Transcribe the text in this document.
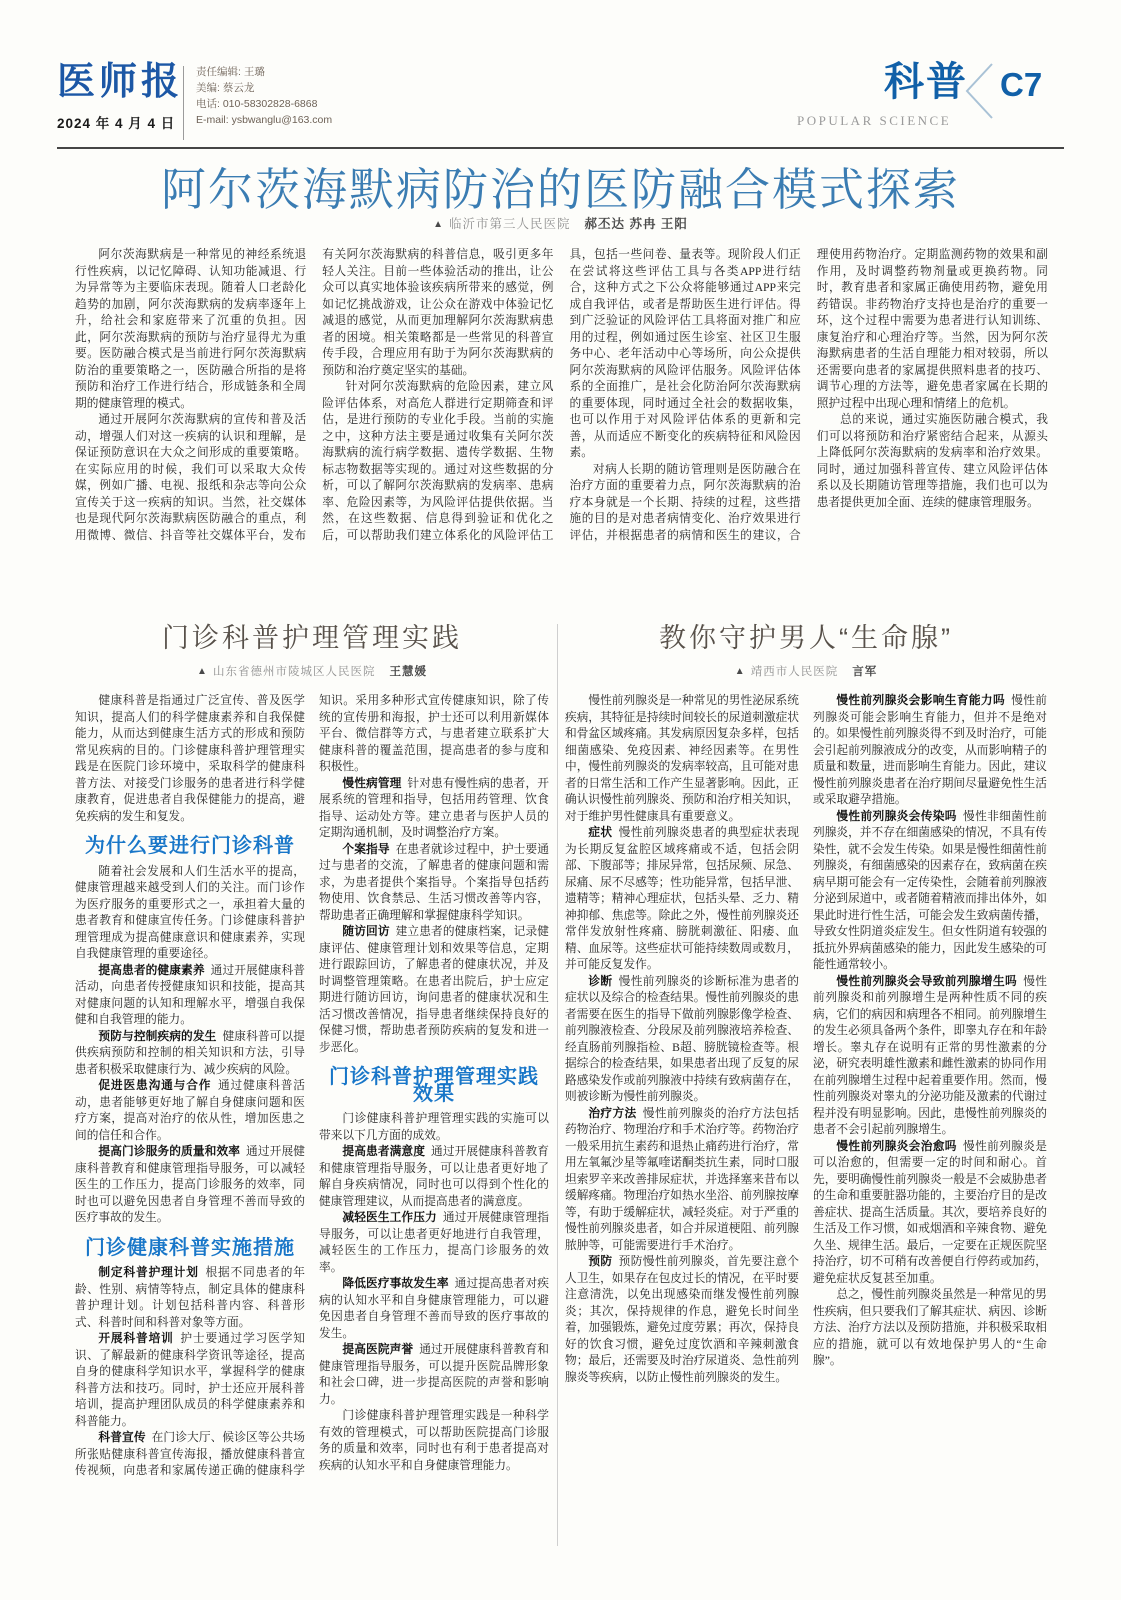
医师报
2024 年 4 月 4 日
责任编辑: 王璐
美编: 蔡云龙
电话: 010-58302828-6868
E-mail: ysbwanglu@163.com
科普
POPULAR SCIENCE
C7
阿尔茨海默病防治的医防融合模式探索
▲ 临沂市第三人民医院 郝丕达 苏冉 王阳

阿尔茨海默病是一种常见的神经系统退行性疾病，以记忆障碍、认知功能减退、行为异常等为主要临床表现。随着人口老龄化趋势的加剧，阿尔茨海默病的发病率逐年上升，给社会和家庭带来了沉重的负担。因此，阿尔茨海默病的预防与治疗显得尤为重要。医防融合模式是当前进行阿尔茨海默病防治的重要策略之一，医防融合所指的是将预防和治疗工作进行结合，形成链条和全周期的健康管理的模式。

通过开展阿尔茨海默病的宣传和普及活动，增强人们对这一疾病的认识和理解，是保证预防意识在大众之间形成的重要策略。在实际应用的时候，我们可以采取大众传媒，例如广播、电视、报纸和杂志等向公众宣传关于这一疾病的知识。当然，社交媒体也是现代阿尔茨海默病医防融合的重点，利用微博、微信、抖音等社交媒体平台，发布有关阿尔茨海默病的科普信息，吸引更多年轻人关注。目前一些体验活动的推出，让公众可以真实地体验该疾病所带来的感觉，例如记忆挑战游戏，让公众在游戏中体验记忆减退的感觉，从而更加理解阿尔茨海默病患者的困境。相关策略都是一些常见的科普宣传手段，合理应用有助于为阿尔茨海默病的预防和治疗奠定坚实的基础。

针对阿尔茨海默病的危险因素，建立风险评估体系，对高危人群进行定期筛查和评估，是进行预防的专业化手段。当前的实施之中，这种方法主要是通过收集有关阿尔茨海默病的流行病学数据、遗传学数据、生物标志物数据等实现的。通过对这些数据的分析，可以了解阿尔茨海默病的发病率、患病率、危险因素等，为风险评估提供依据。当然，在这些数据、信息得到验证和优化之后，可以帮助我们建立体系化的风险评估工具，包括一些问卷、量表等。现阶段人们正在尝试将这些评估工具与各类APP进行结合，这种方式之下公众将能够通过APP来完成自我评估，或者是帮助医生进行评估。得到广泛验证的风险评估工具将面对推广和应用的过程，例如通过医生诊室、社区卫生服务中心、老年活动中心等场所，向公众提供阿尔茨海默病的风险评估服务。风险评估体系的全面推广，是社会化防治阿尔茨海默病的重要体现，同时通过全社会的数据收集，也可以作用于对风险评估体系的更新和完善，从而适应不断变化的疾病特征和风险因素。

对病人长期的随访管理则是医防融合在治疗方面的重要着力点，阿尔茨海默病的治疗本身就是一个长期、持续的过程，这些措施的目的是对患者病情变化、治疗效果进行评估，并根据患者的病情和医生的建议，合理使用药物治疗。定期监测药物的效果和副作用，及时调整药物剂量或更换药物。同时，教育患者和家属正确使用药物，避免用药错误。非药物治疗支持也是治疗的重要一环，这个过程中需要为患者进行认知训练、康复治疗和心理治疗等。当然，因为阿尔茨海默病患者的生活自理能力相对较弱，所以还需要向患者的家属提供照料患者的技巧、调节心理的方法等，避免患者家属在长期的照护过程中出现心理和情绪上的危机。

总的来说，通过实施医防融合模式，我们可以将预防和治疗紧密结合起来，从源头上降低阿尔茨海默病的发病率和治疗效果。同时，通过加强科普宣传、建立风险评估体系以及长期随访管理等措施，我们也可以为患者提供更加全面、连续的健康管理服务。

门诊科普护理管理实践
▲ 山东省德州市陵城区人民医院 王慧媛

健康科普是指通过广泛宣传、普及医学知识，提高人们的科学健康素养和自我保健能力，从而达到健康生活方式的形成和预防常见疾病的目的。门诊健康科普护理管理实践是在医院门诊环境中，采取科学的健康科普方法、对接受门诊服务的患者进行科学健康教育，促进患者自我保健能力的提高，避免疾病的发生和复发。

为什么要进行门诊科普

随着社会发展和人们生活水平的提高，健康管理越来越受到人们的关注。而门诊作为医疗服务的重要形式之一，承担着大量的患者教育和健康宣传任务。门诊健康科普护理管理成为提高健康意识和健康素养，实现自我健康管理的重要途径。

提高患者的健康素养 通过开展健康科普活动，向患者传授健康知识和技能，提高其对健康问题的认知和理解水平，增强自我保健和自我管理的能力。

预防与控制疾病的发生 健康科普可以提供疾病预防和控制的相关知识和方法，引导患者积极采取健康行为、减少疾病的风险。

促进医患沟通与合作 通过健康科普活动，患者能够更好地了解自身健康问题和医疗方案，提高对治疗的依从性，增加医患之间的信任和合作。

提高门诊服务的质量和效率 通过开展健康科普教育和健康管理指导服务，可以减轻医生的工作压力，提高门诊服务的效率，同时也可以避免因患者自身管理不善而导致的医疗事故的发生。

门诊健康科普实施措施

制定科普护理计划 根据不同患者的年龄、性别、病情等特点，制定具体的健康科普护理计划。计划包括科普内容、科普形式、科普时间和科普对象等方面。

开展科普培训 护士要通过学习医学知识、了解最新的健康科学资讯等途径，提高自身的健康科学知识水平，掌握科学的健康科普方法和技巧。同时，护士还应开展科普培训，提高护理团队成员的科学健康素养和科普能力。

科普宣传 在门诊大厅、候诊区等公共场所张贴健康科普宣传海报，播放健康科普宣传视频，向患者和家属传递正确的健康科学知识。采用多种形式宣传健康知识，除了传统的宣传册和海报，护士还可以利用新媒体平台、微信群等方式，与患者建立联系扩大健康科普的覆盖范围，提高患者的参与度和积极性。

慢性病管理 针对患有慢性病的患者，开展系统的管理和指导，包括用药管理、饮食指导、运动处方等。建立患者与医护人员的定期沟通机制，及时调整治疗方案。

个案指导 在患者就诊过程中，护士要通过与患者的交流，了解患者的健康问题和需求，为患者提供个案指导。个案指导包括药物使用、饮食禁忌、生活习惯改善等内容，帮助患者正确理解和掌握健康科学知识。

随访回访 建立患者的健康档案，记录健康评估、健康管理计划和效果等信息，定期进行跟踪回访，了解患者的健康状况，并及时调整管理策略。在患者出院后，护士应定期进行随访回访，询问患者的健康状况和生活习惯改善情况，指导患者继续保持良好的保健习惯，帮助患者预防疾病的复发和进一步恶化。

门诊科普护理管理实践效果

门诊健康科普护理管理实践的实施可以带来以下几方面的成效。

提高患者满意度 通过开展健康科普教育和健康管理指导服务，可以让患者更好地了解自身疾病情况，同时也可以得到个性化的健康管理建议，从而提高患者的满意度。

减轻医生工作压力 通过开展健康管理指导服务，可以让患者更好地进行自我管理，减轻医生的工作压力，提高门诊服务的效率。

降低医疗事故发生率 通过提高患者对疾病的认知水平和自身健康管理能力，可以避免因患者自身管理不善而导致的医疗事故的发生。

提高医院声誉 通过开展健康科普教育和健康管理指导服务，可以提升医院品牌形象和社会口碑，进一步提高医院的声誉和影响力。

门诊健康科普护理管理实践是一种科学有效的管理模式，可以帮助医院提高门诊服务的质量和效率，同时也有利于患者提高对疾病的认知水平和自身健康管理能力。

教你守护男人“生命腺”
▲ 靖西市人民医院 言军

慢性前列腺炎是一种常见的男性泌尿系统疾病，其特征是持续时间较长的尿道刺激症状和骨盆区域疼痛。其发病原因复杂多样，包括细菌感染、免疫因素、神经因素等。在男性中，慢性前列腺炎的发病率较高，且可能对患者的日常生活和工作产生显著影响。因此，正确认识慢性前列腺炎、预防和治疗相关知识，对于维护男性健康具有重要意义。

症状 慢性前列腺炎患者的典型症状表现为长期反复盆腔区域疼痛或不适，包括会阴部、下腹部等；排尿异常，包括尿频、尿急、尿痛、尿不尽感等；性功能异常，包括早泄、遗精等；精神心理症状，包括头晕、乏力、精神抑郁、焦虑等。除此之外，慢性前列腺炎还常伴发放射性疼痛、膀胱刺激征、阳痿、血精、血尿等。这些症状可能持续数周或数月，并可能反复发作。

诊断 慢性前列腺炎的诊断标准为患者的症状以及综合的检查结果。慢性前列腺炎的患者需要在医生的指导下做前列腺影像学检查、前列腺液检查、分段尿及前列腺液培养检查、经直肠前列腺指检、B超、膀胱镜检查等。根据综合的检查结果，如果患者出现了反复的尿路感染发作或前列腺液中持续有致病菌存在，则被诊断为慢性前列腺炎。

治疗方法 慢性前列腺炎的治疗方法包括药物治疗、物理治疗和手术治疗等。药物治疗一般采用抗生素药和退热止痛药进行治疗，常用左氧氟沙星等氟喹诺酮类抗生素，同时口服坦索罗辛来改善排尿症状，并选择塞来昔布以缓解疼痛。物理治疗如热水坐浴、前列腺按摩等，有助于缓解症状，减轻炎症。对于严重的慢性前列腺炎患者，如合并尿道梗阻、前列腺脓肿等，可能需要进行手术治疗。

预防 预防慢性前列腺炎，首先要注意个人卫生，如果存在包皮过长的情况，在平时要注意清洗，以免出现感染而继发慢性前列腺炎；其次，保持规律的作息，避免长时间坐着，加强锻炼，避免过度劳累；再次，保持良好的饮食习惯，避免过度饮酒和辛辣刺激食物；最后，还需要及时治疗尿道炎、急性前列腺炎等疾病，以防止慢性前列腺炎的发生。

慢性前列腺炎会影响生育能力吗 慢性前列腺炎可能会影响生育能力，但并不是绝对的。如果慢性前列腺炎得不到及时治疗，可能会引起前列腺液成分的改变，从而影响精子的质量和数量，进而影响生育能力。因此，建议慢性前列腺炎患者在治疗期间尽量避免性生活或采取避孕措施。

慢性前列腺炎会传染吗 慢性非细菌性前列腺炎，并不存在细菌感染的情况，不具有传染性，就不会发生传染。如果是慢性细菌性前列腺炎，有细菌感染的因素存在，致病菌在疾病早期可能会有一定传染性，会随着前列腺液分泌到尿道中，或者随着精液而排出体外，如果此时进行性生活，可能会发生致病菌传播，导致女性阴道炎症发生。但女性阴道有较强的抵抗外界病菌感染的能力，因此发生感染的可能性通常较小。

慢性前列腺炎会导致前列腺增生吗 慢性前列腺炎和前列腺增生是两种性质不同的疾病，它们的病因和病理各不相同。前列腺增生的发生必须具备两个条件，即睾丸存在和年龄增长。睾丸存在说明有正常的男性激素的分泌，研究表明雄性激素和雌性激素的协同作用在前列腺增生过程中起着重要作用。然而，慢性前列腺炎对睾丸的分泌功能及激素的代谢过程并没有明显影响。因此，患慢性前列腺炎的患者不会引起前列腺增生。

慢性前列腺炎会治愈吗 慢性前列腺炎是可以治愈的，但需要一定的时间和耐心。首先，要明确慢性前列腺炎一般是不会威胁患者的生命和重要脏器功能的，主要治疗目的是改善症状、提高生活质量。其次，要培养良好的生活及工作习惯，如戒烟酒和辛辣食物、避免久坐、规律生活。最后，一定要在正规医院坚持治疗，切不可稍有改善便自行停药或加药，避免症状反复甚至加重。

总之，慢性前列腺炎虽然是一种常见的男性疾病，但只要我们了解其症状、病因、诊断方法、治疗方法以及预防措施，并积极采取相应的措施，就可以有效地保护男人的“生命腺”。
